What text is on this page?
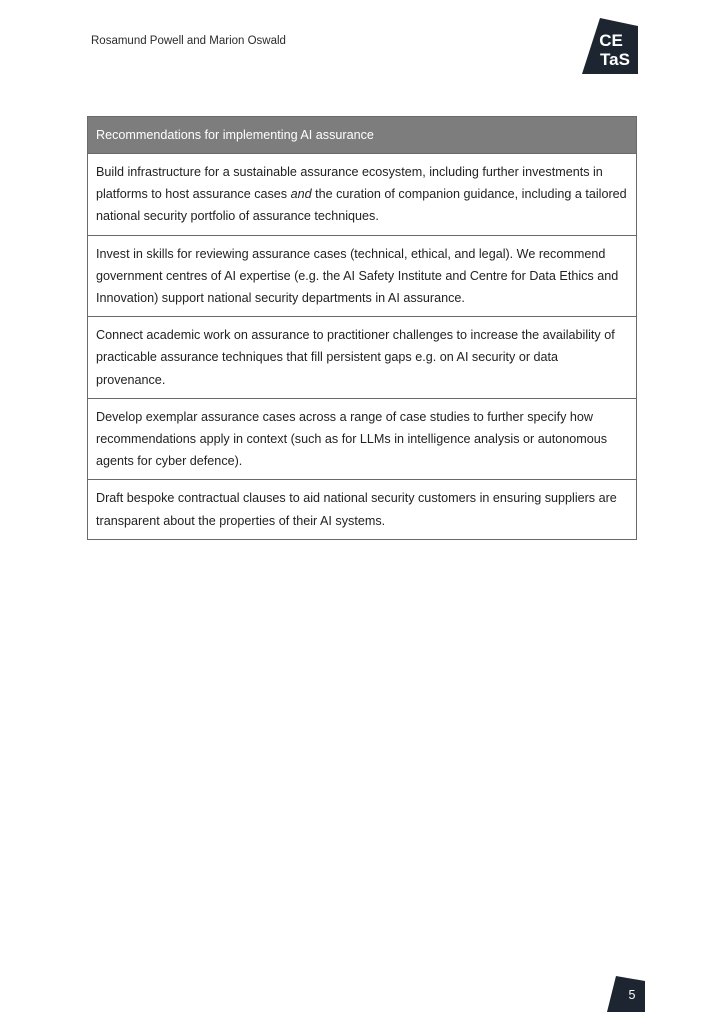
Rosamund Powell and Marion Oswald	CE
TaS
Recommendations for implementing AI assurance
Build infrastructure for a sustainable assurance ecosystem, including further investments in platforms to host assurance cases and the curation of companion guidance, including a tailored national security portfolio of assurance techniques.
Invest in skills for reviewing assurance cases (technical, ethical, and legal). We recommend government centres of AI expertise (e.g. the AI Safety Institute and Centre for Data Ethics and Innovation) support national security departments in AI assurance.
Connect academic work on assurance to practitioner challenges to increase the availability of practicable assurance techniques that fill persistent gaps e.g. on AI security or data provenance.
Develop exemplar assurance cases across a range of case studies to further specify how recommendations apply in context (such as for LLMs in intelligence analysis or autonomous agents for cyber defence).
Draft bespoke contractual clauses to aid national security customers in ensuring suppliers are transparent about the properties of their AI systems.
5
